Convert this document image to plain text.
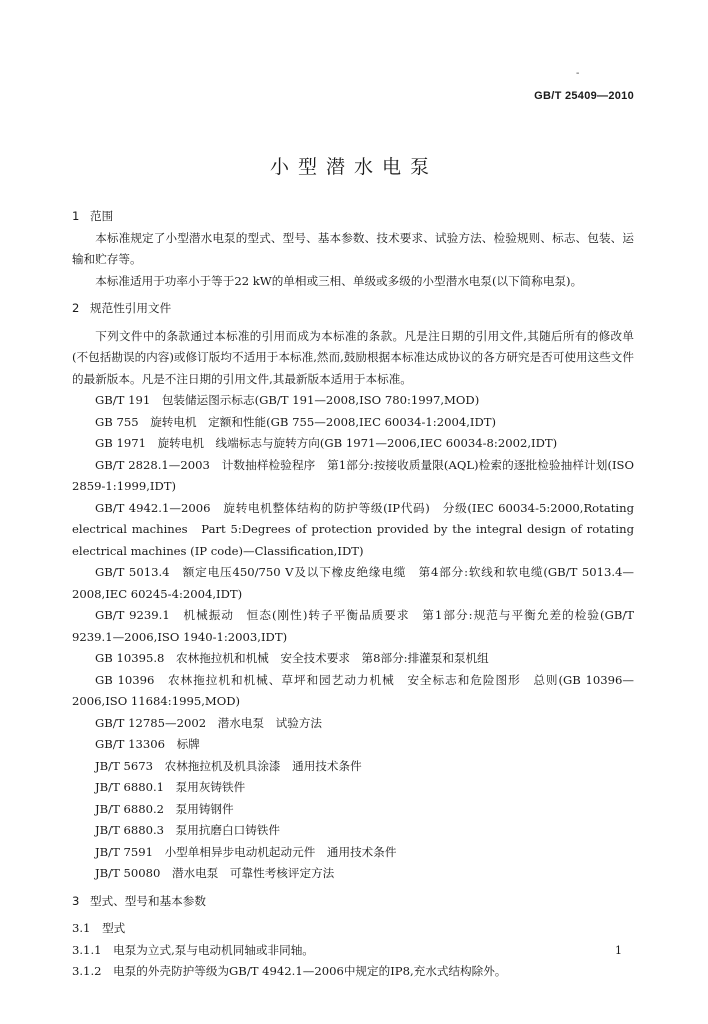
-
GB/T 25409—2010
小型潜水电泵

1 范围

本标准规定了小型潜水电泵的型式、型号、基本参数、技术要求、试验方法、检验规则、标志、包装、运输和贮存等。

本标准适用于功率小于等于22 kW的单相或三相、单级或多级的小型潜水电泵(以下简称电泵)。

2 规范性引用文件

下列文件中的条款通过本标准的引用而成为本标准的条款。凡是注日期的引用文件,其随后所有的修改单(不包括勘误的内容)或修订版均不适用于本标准,然而,鼓励根据本标准达成协议的各方研究是否可使用这些文件的最新版本。凡是不注日期的引用文件,其最新版本适用于本标准。

GB/T 191　包装储运图示标志(GB/T 191—2008,ISO 780:1997,MOD)

GB 755　旋转电机　定额和性能(GB 755—2008,IEC 60034-1:2004,IDT)

GB 1971　旋转电机　线端标志与旋转方向(GB 1971—2006,IEC 60034-8:2002,IDT)

GB/T 2828.1—2003　计数抽样检验程序　第1部分:按接收质量限(AQL)检索的逐批检验抽样计划(ISO 2859-1:1999,IDT)

GB/T 4942.1—2006　旋转电机整体结构的防护等级(IP代码)　分级(IEC 60034-5:2000,Rotating electrical machines　Part 5:Degrees of protection provided by the integral design of rotating electrical machines (IP code)—Classification,IDT)

GB/T 5013.4　额定电压450/750 V及以下橡皮绝缘电缆　第4部分:软线和软电缆(GB/T 5013.4—2008,IEC 60245-4:2004,IDT)

GB/T 9239.1　机械振动　恒态(刚性)转子平衡品质要求　第1部分:规范与平衡允差的检验(GB/T 9239.1—2006,ISO 1940-1:2003,IDT)

GB 10395.8　农林拖拉机和机械　安全技术要求　第8部分:排灌泵和泵机组

GB 10396　农林拖拉机和机械、草坪和园艺动力机械　安全标志和危险图形　总则(GB 10396—2006,ISO 11684:1995,MOD)

GB/T 12785—2002　潜水电泵　试验方法

GB/T 13306　标牌

JB/T 5673　农林拖拉机及机具涂漆　通用技术条件

JB/T 6880.1　泵用灰铸铁件

JB/T 6880.2　泵用铸钢件

JB/T 6880.3　泵用抗磨白口铸铁件

JB/T 7591　小型单相异步电动机起动元件　通用技术条件

JB/T 50080　潜水电泵　可靠性考核评定方法

3 型式、型号和基本参数

3.1　 型式

3.1.1　 电泵为立式,泵与电动机同轴或非同轴。

3.1.2　 电泵的外壳防护等级为GB/T 4942.1—2006中规定的IP8,充水式结构除外。

1
